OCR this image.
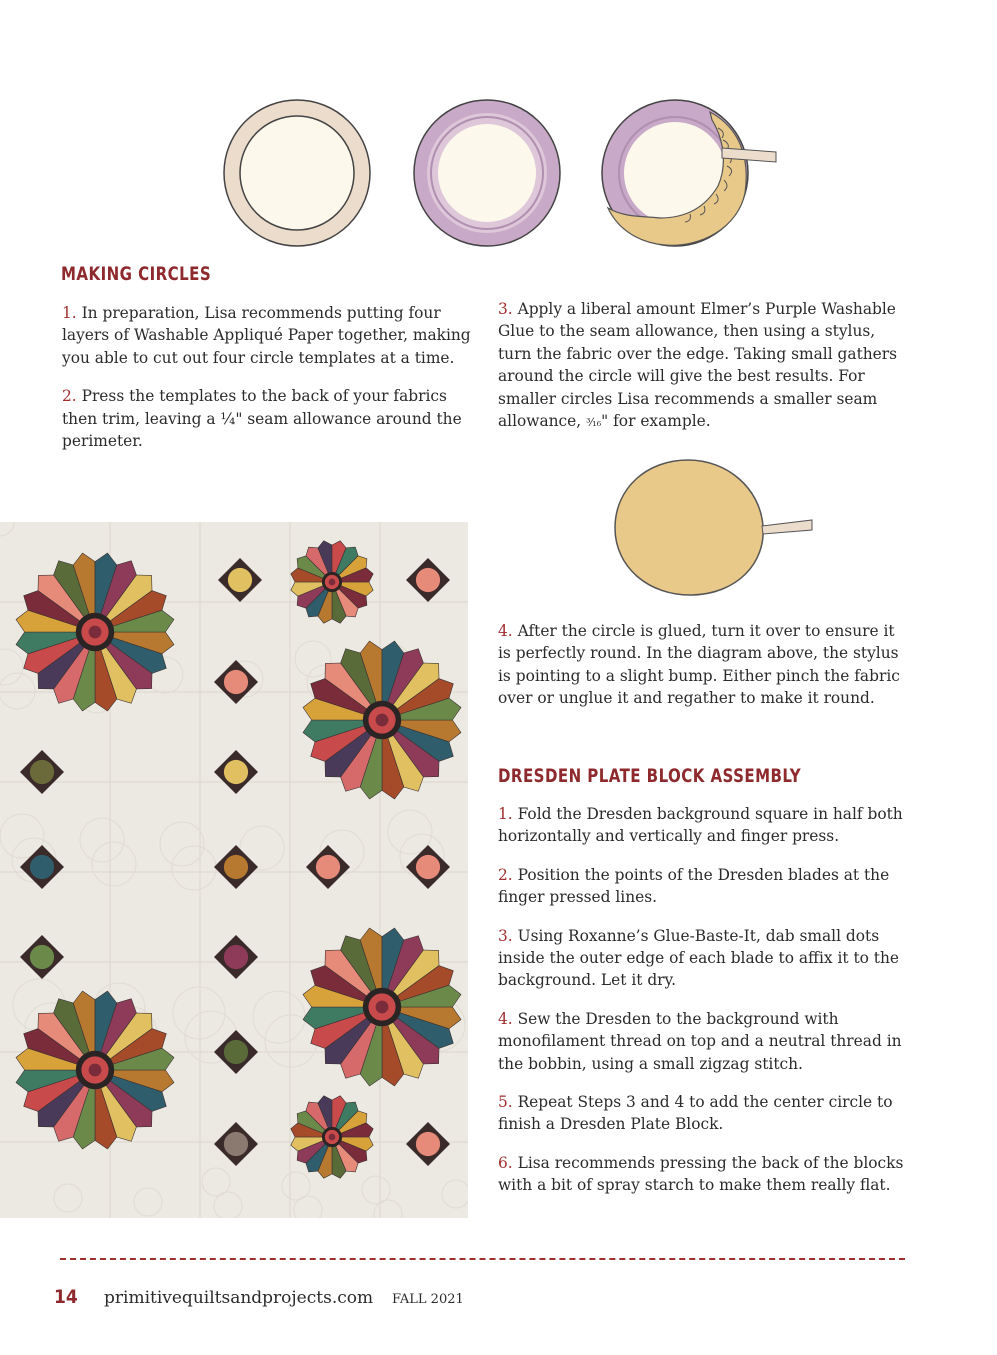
MAKING CIRCLES
DRESDEN PLATE BLOCK ASSEMBLY

1. In preparation, Lisa recommends putting four layers of Washable Appliqué Paper together, making you able to cut out four circle templates at a time.

2. Press the templates to the back of your fabrics then trim, leaving a ¼" seam allowance around the perimeter.

3. Apply a liberal amount Elmer’s Purple Washable Glue to the seam allowance, then using a stylus, turn the fabric over the edge. Taking small gathers around the circle will give the best results. For smaller circles Lisa recommends a smaller seam allowance, ³⁄₁₆" for example.

4. After the circle is glued, turn it over to ensure it is perfectly round. In the diagram above, the stylus is pointing to a slight bump. Either pinch the fabric over or unglue it and regather to make it round.

1. Fold the Dresden background square in half both horizontally and vertically and finger press.

2. Position the points of the Dresden blades at the finger pressed lines.

3. Using Roxanne’s Glue-Baste-It, dab small dots inside the outer edge of each blade to affix it to the background. Let it dry.

4. Sew the Dresden to the background with monofilament thread on top and a neutral thread in the bobbin, using a small zigzag stitch.

5. Repeat Steps 3 and 4 to add the center circle to finish a Dresden Plate Block.

6. Lisa recommends pressing the back of the blocks with a bit of spray starch to make them really flat.

14 primitivequiltsandprojects.com FALL 2021
